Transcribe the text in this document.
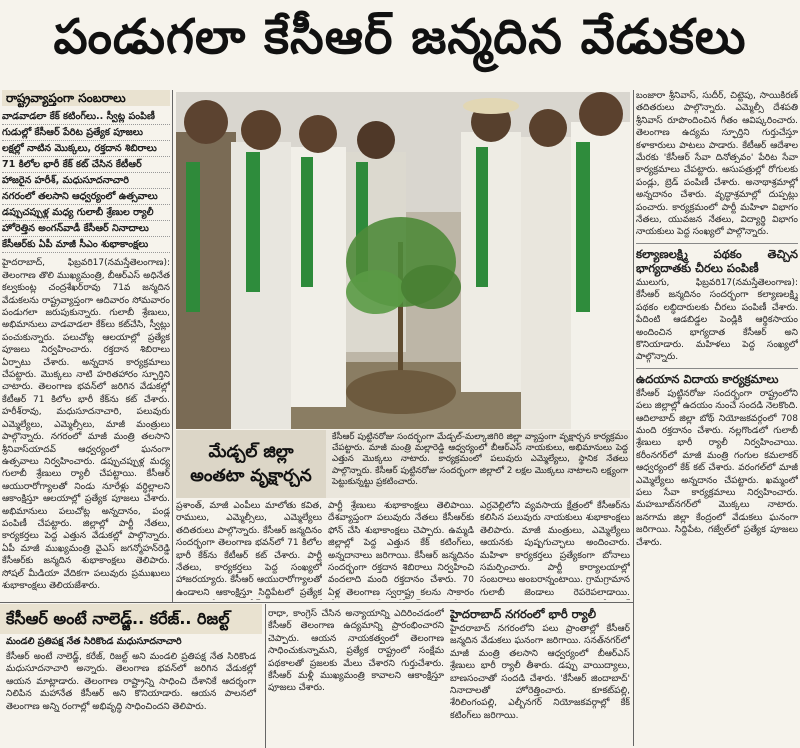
పండుగలా కేసీఆర్ జన్మదిన వేడుకలు
రాష్ట్రవ్యాప్తంగా సంబరాలు
వాడవాడలా కేక్ కటింగ్‌లు.. స్వీట్ల పంపిణీ
గుడుల్లో కేసీఆర్ పేరిట ప్రత్యేక పూజలు
లక్షల్లో నాటిన మొక్కలు, రక్తదాన శిబిరాలు
71 కిలోల భారీ కేక్ కట్ చేసిన కేటీఆర్
హాజరైన హరీశ్, మధుసూదనాచారి
నగరంలో తలసాని ఆధ్వర్యంలో ఉత్సవాలు
డప్పుచప్పుళ్ల మధ్య గులాబీ శ్రేణుల ర్యాలీ
హోరెత్తిన అంగన్‌వాడీ కేసీఆర్ నినాదాలు
కేసీఆర్‌కు ఏపీ మాజీ సీఎం శుభాకాంక్షలు

హైదరాబాద్, ఫిబ్రవరి17(నమస్తేతెలంగాణ): తెలంగాణ తొలి ముఖ్యమంత్రి, బీఆర్ఎస్ అధినేత కల్వకుంట్ల చంద్రశేఖర్‌రావు 71వ జన్మదిన వేడుకలను రాష్ట్రవ్యాప్తంగా ఆదివారం సోమవారం పండుగలా జరుపుకున్నారు. గులాబీ శ్రేణులు, అభిమానులు వాడవాడలా కేక్‌లు కట్‌చేసి, స్వీట్లు పంచుకున్నారు. పలుచోట్ల ఆలయాల్లో ప్రత్యేక పూజలు నిర్వహించారు. రక్తదాన శిబిరాలు ఏర్పాటు చేశారు. అన్నదాన కార్యక్రమాలు చేపట్టారు. మొక్కలు నాటి హరితహారం స్ఫూర్తిని చాటారు. తెలంగాణ భవన్‌లో జరిగిన వేడుకల్లో కేటీఆర్ 71 కిలోల భారీ కేక్‌ను కట్ చేశారు. హరీశ్‌రావు, మధుసూదనాచారి, పలువురు ఎమ్మెల్యేలు, ఎమ్మెల్సీలు, మాజీ మంత్రులు పాల్గొన్నారు. నగరంలో మాజీ మంత్రి తలసాని శ్రీనివాస్‌యాదవ్ ఆధ్వర్యంలో ఘనంగా ఉత్సవాలు నిర్వహించారు. డప్పుచప్పుళ్ల మధ్య గులాబీ శ్రేణులు ర్యాలీ చేపట్టాయి. కేసీఆర్ ఆయురారోగ్యాలతో నిండు నూరేళ్లు వర్ధిల్లాలని ఆకాంక్షిస్తూ ఆలయాల్లో ప్రత్యేక పూజలు చేశారు. అభిమానులు పలుచోట్ల అన్నదానం, పండ్ల పంపిణీ చేపట్టారు. జిల్లాల్లో పార్టీ నేతలు, కార్యకర్తలు పెద్ద ఎత్తున వేడుకల్లో పాల్గొన్నారు. ఏపీ మాజీ ముఖ్యమంత్రి వైఎస్ జగన్మోహన్‌రెడ్డి కేసీఆర్‌కు జన్మదిన శుభాకాంక్షలు తెలిపారు. సోషల్ మీడియా వేదికగా పలువురు ప్రముఖులు శుభాకాంక్షలు తెలియజేశారు.

మేడ్చల్ జిల్లా
అంతటా వృక్షార్చన
కేసీఆర్ పుట్టినరోజు సందర్భంగా మేడ్చల్-మల్కాజిగిరి జిల్లా వ్యాప్తంగా వృక్షార్చన కార్యక్రమం చేపట్టారు. మాజీ మంత్రి మల్లారెడ్డి ఆధ్వర్యంలో బీఆర్ఎస్ నాయకులు, అభిమానులు పెద్ద ఎత్తున మొక్కలు నాటారు. కార్యక్రమంలో పలువురు ఎమ్మెల్యేలు, స్థానిక నేతలు పాల్గొన్నారు. కేసీఆర్ పుట్టినరోజు సందర్భంగా జిల్లాలో 2 లక్షల మొక్కలు నాటాలని లక్ష్యంగా పెట్టుకున్నట్టు ప్రకటించారు.

ప్రశాంత్, మాజీ ఎంపీలు మాలోతు కవిత, రాములు, ఎమ్మెల్సీలు, ఎమ్మెల్యేలు తదితరులు పాల్గొన్నారు. కేసీఆర్ జన్మదినం సందర్భంగా తెలంగాణ భవన్‌లో 71 కిలోల భారీ కేక్‌ను కేటీఆర్ కట్ చేశారు. పార్టీ నేతలు, కార్యకర్తలు పెద్ద సంఖ్యలో హాజరయ్యారు. కేసీఆర్ ఆయురారోగ్యాలతో ఉండాలని ఆకాంక్షిస్తూ సిద్దిపేటలో ప్రత్యేక

పార్టీ శ్రేణులు శుభాకాంక్షలు తెలిపాయి. దేశవ్యాప్తంగా పలువురు నేతలు కేసీఆర్‌కు ఫోన్ చేసి శుభాకాంక్షలు చెప్పారు. ఉమ్మడి జిల్లాల్లో పెద్ద ఎత్తున కేక్ కటింగ్‌లు, అన్నదానాలు జరిగాయి. కేసీఆర్ జన్మదినం సందర్భంగా రక్తదాన శిబిరాలు నిర్వహించి వందలాది మంది రక్తదానం చేశారు. 70 ఏళ్ల తెలంగాణ స్వరాష్ట్ర కలను సాకారం

ఎర్రవెల్లిలోని వ్యవసాయ క్షేత్రంలో కేసీఆర్‌ను కలిసిన పలువురు నాయకులు శుభాకాంక్షలు తెలిపారు. మాజీ మంత్రులు, ఎమ్మెల్యేలు ఆయనకు పుష్పగుచ్ఛాలు అందించారు. మహిళా కార్యకర్తలు ప్రత్యేకంగా బోనాలు సమర్పించారు. పార్టీ కార్యాలయాల్లో సంబరాలు అంబరాన్నంటాయి. గ్రామగ్రామాన గులాబీ జెండాలు రెపరెపలాడాయి.

బంజారా శ్రీనివాస్, సుదీర్, చిట్టెపు, సాయికిరణ్ తదితరులు పాల్గొన్నారు. ఎమ్మెల్సీ దేశపతి శ్రీనివాస్ రూపొందించిన గీతం ఆవిష్కరించారు. తెలంగాణ ఉద్యమ స్ఫూర్తిని గుర్తుచేస్తూ కళాకారులు పాటలు పాడారు. కేటీఆర్ ఆదేశాల మేరకు 'కేసీఆర్ సేవా దినోత్సవం' పేరిట సేవా కార్యక్రమాలు చేపట్టారు. ఆసుపత్రుల్లో రోగులకు పండ్లు, బ్రెడ్ పంపిణీ చేశారు. అనాథాశ్రమాల్లో అన్నదానం చేశారు. వృద్ధాశ్రమాల్లో దుప్పట్లు పంచారు. కార్యక్రమంలో పార్టీ మహిళా విభాగం నేతలు, యువజన నేతలు, విద్యార్థి విభాగం నాయకులు పెద్ద సంఖ్యలో పాల్గొన్నారు.

కల్యాణలక్ష్మి పథకం తెచ్చిన భాగ్యదాతకు చీరలు పంపిణీ

ములుగు, ఫిబ్రవరి17(నమస్తేతెలంగాణ): కేసీఆర్ జన్మదినం సందర్భంగా కల్యాణలక్ష్మి పథకం లబ్ధిదారులకు చీరలు పంపిణీ చేశారు. పేదింటి ఆడబిడ్డల పెండ్లికి ఆర్థికసాయం అందించిన భాగ్యదాత కేసీఆర్ అని కొనియాడారు. మహిళలు పెద్ద సంఖ్యలో పాల్గొన్నారు.

ఉదయాన విదాయ కార్యక్రమాలు

కేసీఆర్ పుట్టినరోజు సందర్భంగా రాష్ట్రంలోని పలు జిల్లాల్లో ఉదయం నుంచే సందడి నెలకొంది. ఆదిలాబాద్ జిల్లా బోథ్ నియోజకవర్గంలో 708 మంది రక్తదానం చేశారు. నల్లగొండలో గులాబీ శ్రేణులు భారీ ర్యాలీ నిర్వహించాయి. కరీంనగర్‌లో మాజీ మంత్రి గంగుల కమలాకర్ ఆధ్వర్యంలో కేక్ కట్ చేశారు. వరంగల్‌లో మాజీ ఎమ్మెల్యేలు అన్నదానం చేపట్టారు. ఖమ్మంలో పలు సేవా కార్యక్రమాలు నిర్వహించారు. మహబూబ్‌నగర్‌లో మొక్కలు నాటారు. జనగామ జిల్లా కేంద్రంలో వేడుకలు ఘనంగా జరిగాయి. సిద్దిపేట, గజ్వేల్‌లో ప్రత్యేక పూజలు చేశారు.

కేసీఆర్ అంటే నాలెడ్జ్.. కరేజ్.. రిజల్ట్
మండలి ప్రతిపక్ష నేత సిరికొండ మధుసూదనాచారి
కేసీఆర్ అంటే నాలెడ్జ్, కరేజ్, రిజల్ట్ అని మండలి ప్రతిపక్ష నేత సిరికొండ మధుసూదనాచారి అన్నారు. తెలంగాణ భవన్‌లో జరిగిన వేడుకల్లో ఆయన మాట్లాడారు. తెలంగాణ రాష్ట్రాన్ని సాధించి దేశానికే ఆదర్శంగా నిలిపిన మహానేత కేసీఆర్ అని కొనియాడారు. ఆయన పాలనలో తెలంగాణ అన్ని రంగాల్లో అభివృద్ధి సాధించిందని తెలిపారు.

రాధా, కాంగ్రెస్ చేసిన అన్యాయాన్ని ఎదిరించడంలో కేసీఆర్ తెలంగాణ ఉద్యమాన్ని ప్రారంభించారని చెప్పారు. ఆయన నాయకత్వంలో తెలంగాణ సాధించుకున్నామని, ప్రత్యేక రాష్ట్రంలో సంక్షేమ పథకాలతో ప్రజలకు మేలు చేశారని గుర్తుచేశారు. కేసీఆర్ మళ్లీ ముఖ్యమంత్రి కావాలని ఆకాంక్షిస్తూ పూజలు చేశారు.

హైదరాబాద్ నగరంలో భారీ ర్యాలీ

హైదరాబాద్ నగరంలోని పలు ప్రాంతాల్లో కేసీఆర్ జన్మదిన వేడుకలు ఘనంగా జరిగాయి. సనత్‌నగర్‌లో మాజీ మంత్రి తలసాని ఆధ్వర్యంలో బీఆర్ఎస్ శ్రేణులు భారీ ర్యాలీ తీశారు. డప్పు వాయిద్యాలు, బాణసంచాతో సందడి చేశారు. 'కేసీఆర్ జిందాబాద్' నినాదాలతో హోరెత్తించారు. కూకట్‌పల్లి, శేరిలింగంపల్లి, ఎల్బీనగర్ నియోజకవర్గాల్లో కేక్ కటింగ్‌లు జరిగాయి.
